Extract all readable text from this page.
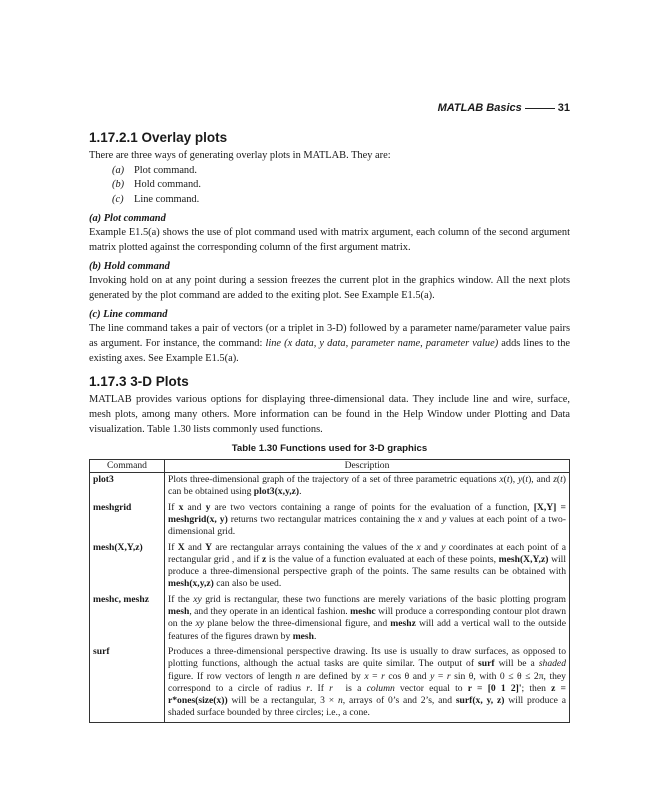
MATLAB Basics	31
1.17.2.1 Overlay plots

There are three ways of generating overlay plots in MATLAB. They are:

(a) Plot command.
(b) Hold command.
(c) Line command.
(a) Plot command

Example E1.5(a) shows the use of plot command used with matrix argument, each column of the second argument matrix plotted against the corresponding column of the first argument matrix.

(b) Hold command

Invoking hold on at any point during a session freezes the current plot in the graphics window. All the next plots generated by the plot command are added to the exiting plot. See Example E1.5(a).

(c) Line command

The line command takes a pair of vectors (or a triplet in 3-D) followed by a parameter name/parameter value pairs as argument. For instance, the command: line (x data, y data, parameter name, parameter value) adds lines to the existing axes. See Example E1.5(a).

1.17.3 3-D Plots

MATLAB provides various options for displaying three-dimensional data. They include line and wire, surface, mesh plots, among many others. More information can be found in the Help Window under Plotting and Data visualization. Table 1.30 lists commonly used functions.

Table 1.30 Functions used for 3-D graphics
Command	Description
plot3	Plots three-dimensional graph of the trajectory of a set of three parametric equations x(t), y(t), and z(t) can be obtained using plot3(x,y,z).
meshgrid	If x and y are two vectors containing a range of points for the evaluation of a function, [X,Y] = meshgrid(x, y) returns two rectangular matrices containing the x and y values at each point of a two-dimensional grid.
mesh(X,Y,z)	If X and Y are rectangular arrays containing the values of the x and y coordinates at each point of a rectangular grid , and if z is the value of a function evaluated at each of these points, mesh(X,Y,z) will produce a three-dimensional perspective graph of the points. The same results can be obtained with mesh(x,y,z) can also be used.
meshc, meshz	If the xy grid is rectangular, these two functions are merely variations of the basic plotting program mesh, and they operate in an identical fashion. meshc will produce a corresponding contour plot drawn on the xy plane below the three-dimensional figure, and meshz will add a vertical wall to the outside features of the figures drawn by mesh.
surf	Produces a three-dimensional perspective drawing. Its use is usually to draw surfaces, as opposed to plotting functions, although the actual tasks are quite similar. The output of surf will be a shaded figure. If row vectors of length n are defined by x = r cos θ and y = r sin θ, with 0 ≤ θ ≤ 2π, they correspond to a circle of radius r. If r⃗ is a column vector equal to r = [0 1 2]'; then z = r*ones(size(x)) will be a rectangular, 3 × n, arrays of 0’s and 2’s, and surf(x, y, z) will produce a shaded surface bounded by three circles; i.e., a cone.
